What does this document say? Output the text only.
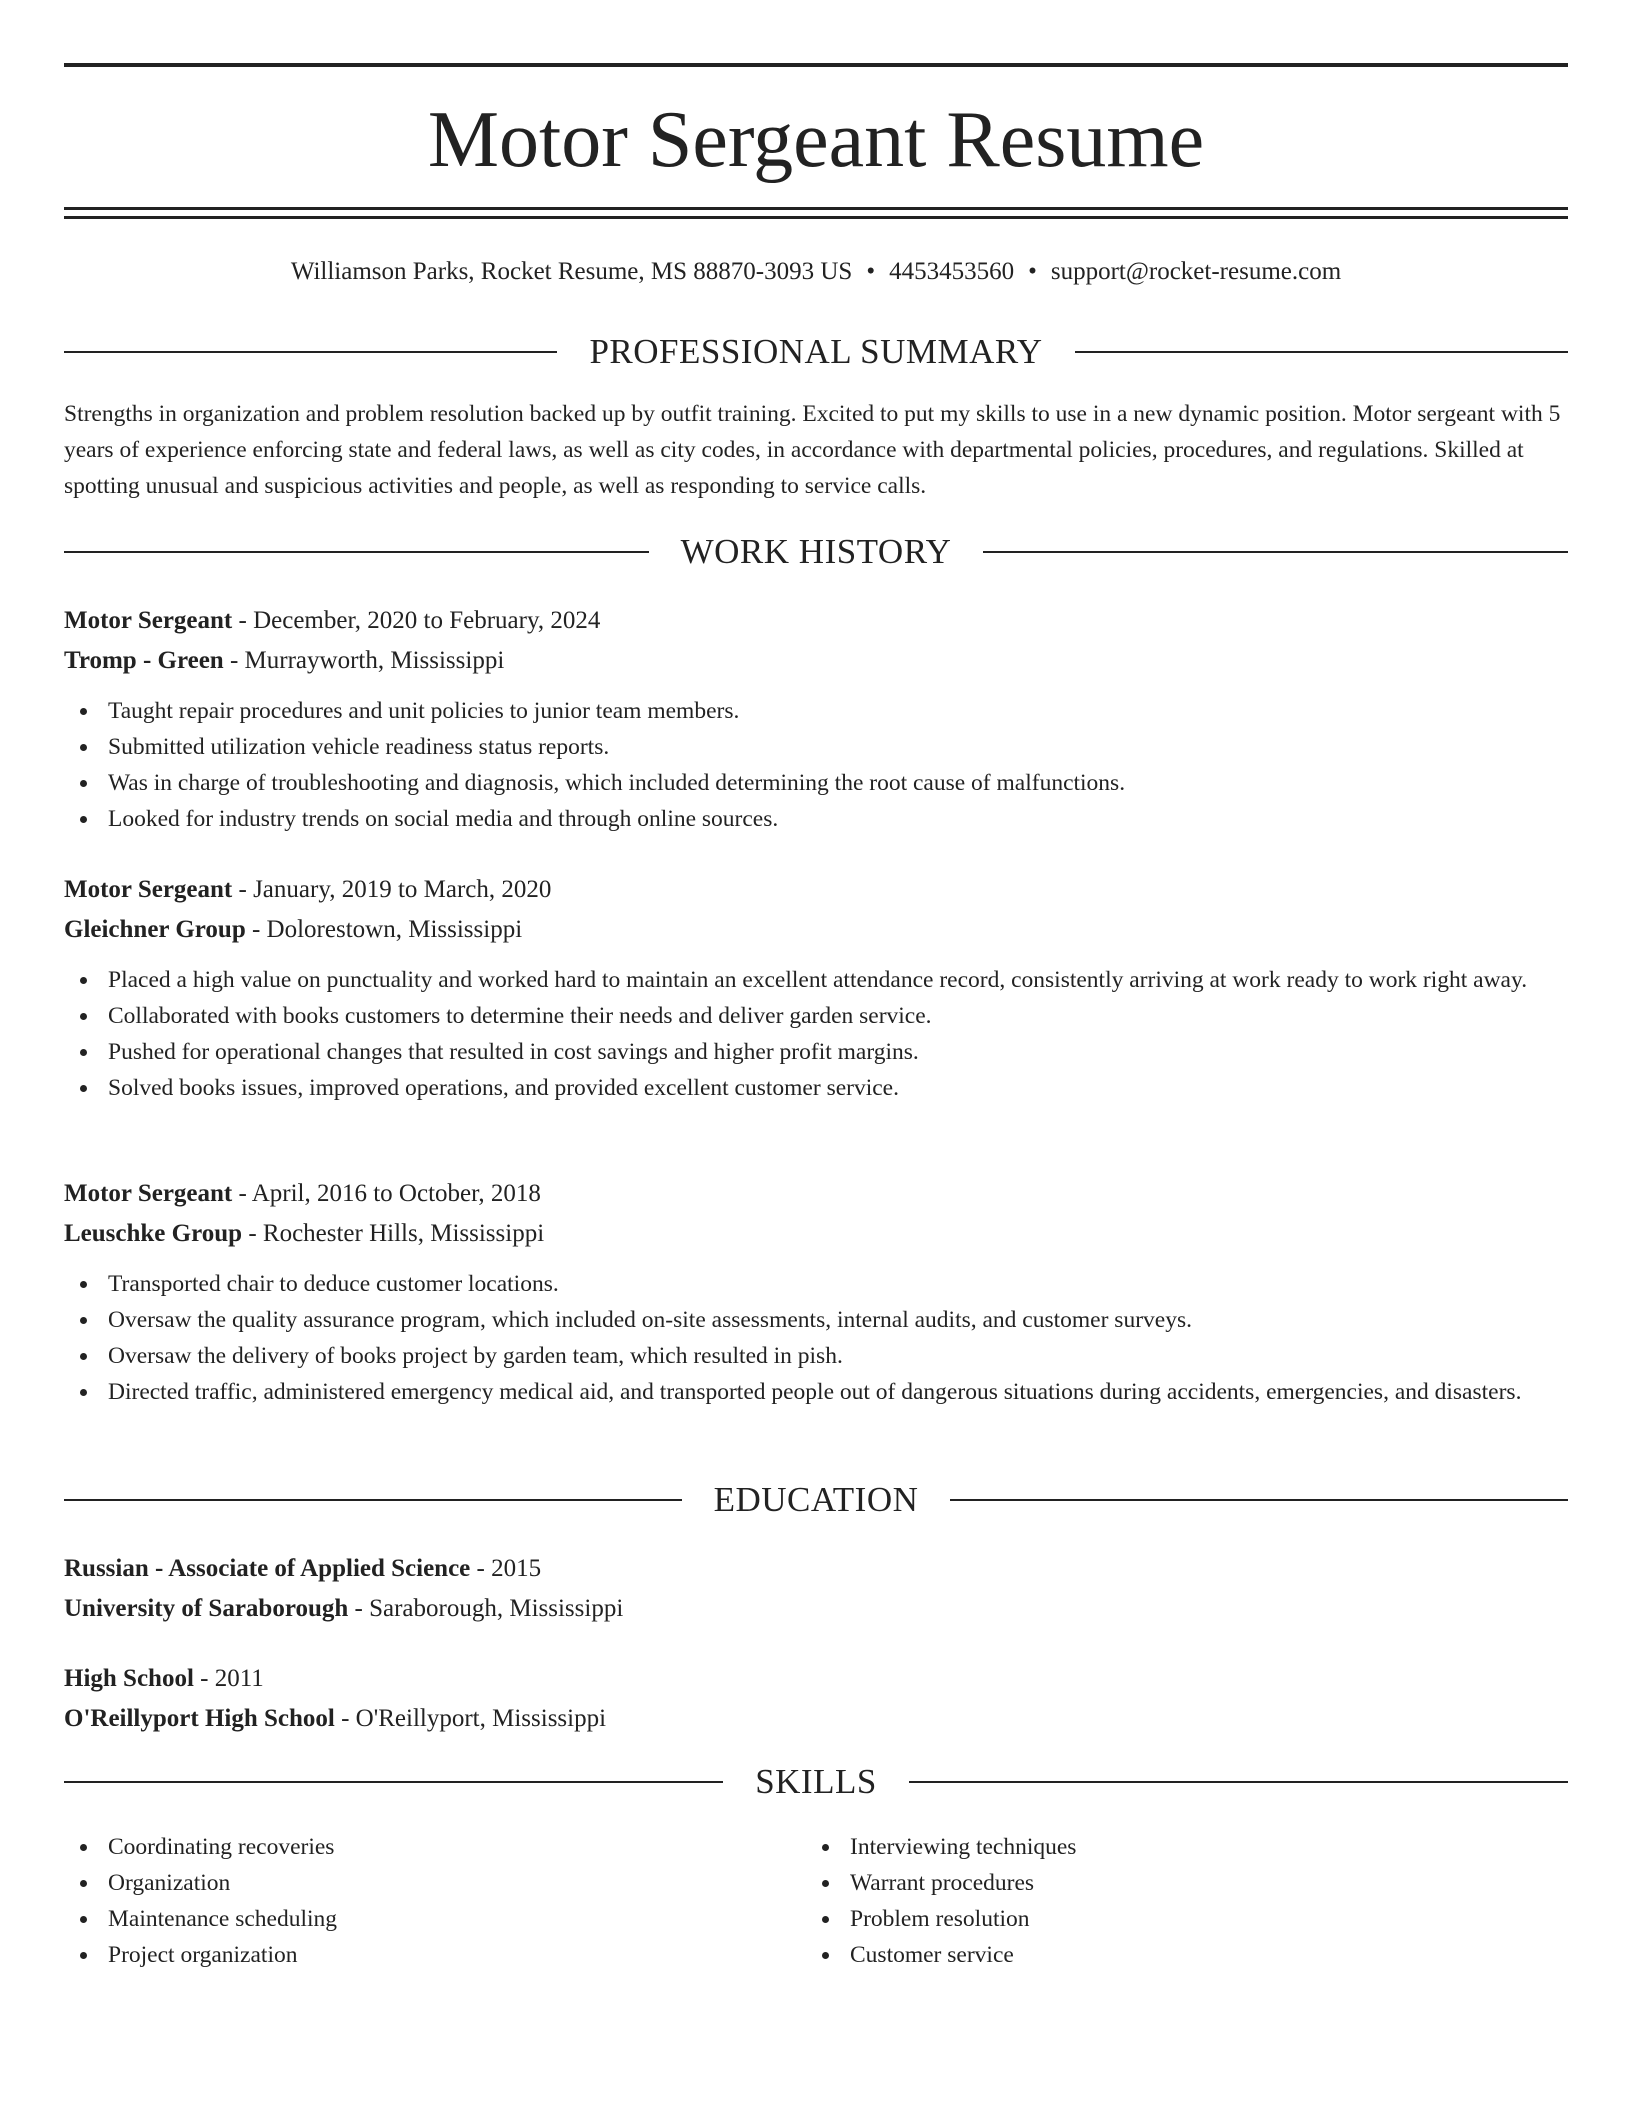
Motor Sergeant Resume
Williamson Parks, Rocket Resume, MS 88870-3093 US • 4453453560 • support@rocket-resume.com
PROFESSIONAL SUMMARY

Strengths in organization and problem resolution backed up by outfit training. Excited to put my skills to use in a new dynamic position. Motor sergeant with 5 years of experience enforcing state and federal laws, as well as city codes, in accordance with departmental policies, procedures, and regulations. Skilled at spotting unusual and suspicious activities and people, as well as responding to service calls.

WORK HISTORY

Motor Sergeant - December, 2020 to February, 2024

Tromp - Green - Murrayworth, Mississippi

Taught repair procedures and unit policies to junior team members.
Submitted utilization vehicle readiness status reports.
Was in charge of troubleshooting and diagnosis, which included determining the root cause of malfunctions.
Looked for industry trends on social media and through online sources.

Motor Sergeant - January, 2019 to March, 2020

Gleichner Group - Dolorestown, Mississippi

Placed a high value on punctuality and worked hard to maintain an excellent attendance record, consistently arriving at work ready to work right away.
Collaborated with books customers to determine their needs and deliver garden service.
Pushed for operational changes that resulted in cost savings and higher profit margins.
Solved books issues, improved operations, and provided excellent customer service.

Motor Sergeant - April, 2016 to October, 2018

Leuschke Group - Rochester Hills, Mississippi

Transported chair to deduce customer locations.
Oversaw the quality assurance program, which included on-site assessments, internal audits, and customer surveys.
Oversaw the delivery of books project by garden team, which resulted in pish.
Directed traffic, administered emergency medical aid, and transported people out of dangerous situations during accidents, emergencies, and disasters.
EDUCATION

Russian - Associate of Applied Science - 2015

University of Saraborough - Saraborough, Mississippi

High School - 2011

O'Reillyport High School - O'Reillyport, Mississippi

SKILLS
Coordinating recoveries
Organization
Maintenance scheduling
Project organization
Interviewing techniques
Warrant procedures
Problem resolution
Customer service
